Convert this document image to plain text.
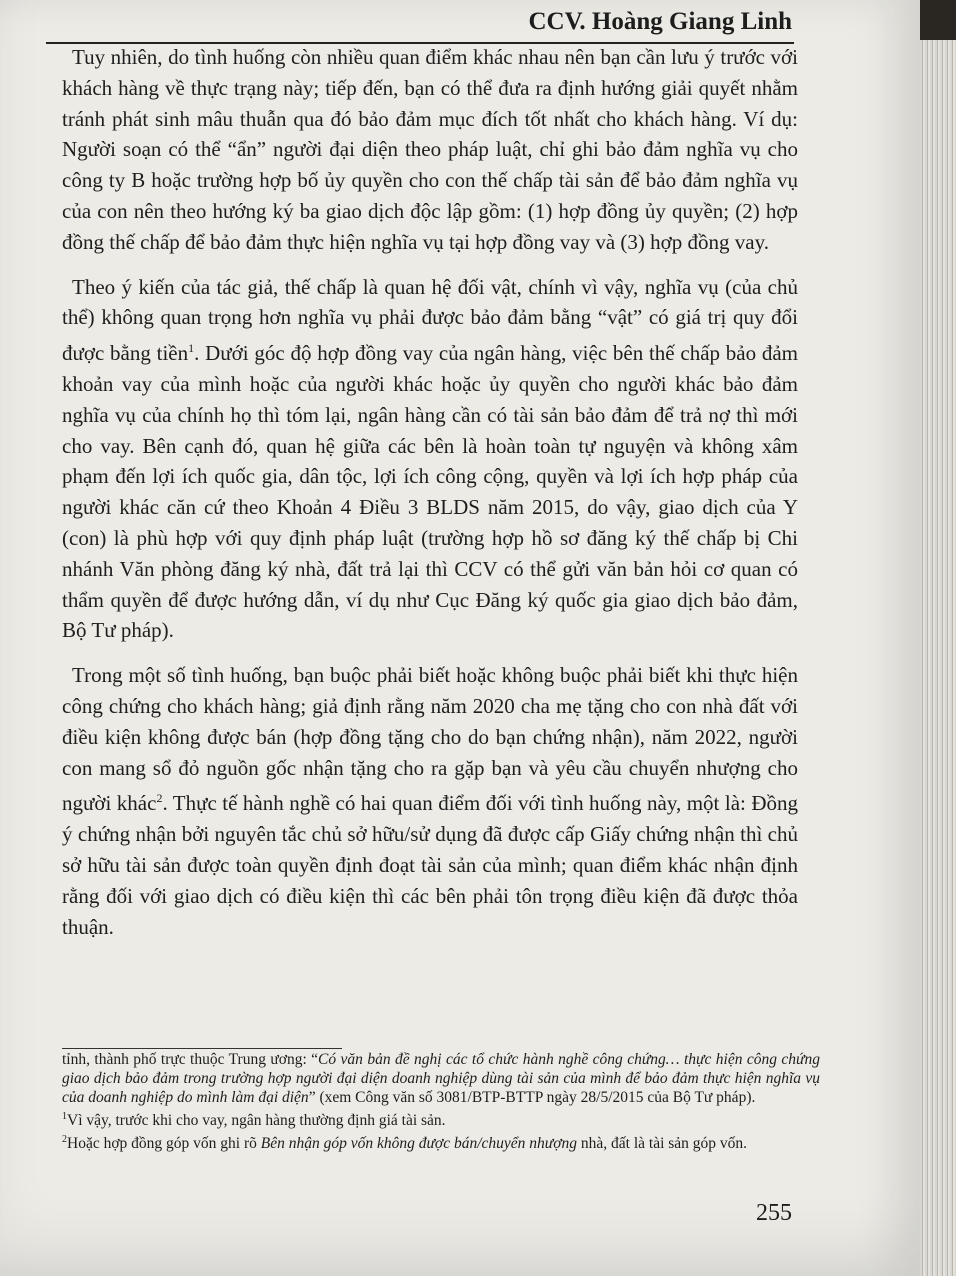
CCV. Hoàng Giang Linh

Tuy nhiên, do tình huống còn nhiều quan điểm khác nhau nên bạn cần lưu ý trước với khách hàng về thực trạng này; tiếp đến, bạn có thể đưa ra định hướng giải quyết nhằm tránh phát sinh mâu thuẫn qua đó bảo đảm mục đích tốt nhất cho khách hàng. Ví dụ: Người soạn có thể “ẩn” người đại diện theo pháp luật, chỉ ghi bảo đảm nghĩa vụ cho công ty B hoặc trường hợp bố ủy quyền cho con thế chấp tài sản để bảo đảm nghĩa vụ của con nên theo hướng ký ba giao dịch độc lập gồm: (1) hợp đồng ủy quyền; (2) hợp đồng thế chấp để bảo đảm thực hiện nghĩa vụ tại hợp đồng vay và (3) hợp đồng vay.

Theo ý kiến của tác giả, thế chấp là quan hệ đối vật, chính vì vậy, nghĩa vụ (của chủ thể) không quan trọng hơn nghĩa vụ phải được bảo đảm bằng “vật” có giá trị quy đổi được bằng tiền$^1$. Dưới góc độ hợp đồng vay của ngân hàng, việc bên thế chấp bảo đảm khoản vay của mình hoặc của người khác hoặc ủy quyền cho người khác bảo đảm nghĩa vụ của chính họ thì tóm lại, ngân hàng cần có tài sản bảo đảm để trả nợ thì mới cho vay. Bên cạnh đó, quan hệ giữa các bên là hoàn toàn tự nguyện và không xâm phạm đến lợi ích quốc gia, dân tộc, lợi ích công cộng, quyền và lợi ích hợp pháp của người khác căn cứ theo Khoản 4 Điều 3 BLDS năm 2015, do vậy, giao dịch của Y (con) là phù hợp với quy định pháp luật (trường hợp hồ sơ đăng ký thế chấp bị Chi nhánh Văn phòng đăng ký nhà, đất trả lại thì CCV có thể gửi văn bản hỏi cơ quan có thẩm quyền để được hướng dẫn, ví dụ như Cục Đăng ký quốc gia giao dịch bảo đảm, Bộ Tư pháp).

Trong một số tình huống, bạn buộc phải biết hoặc không buộc phải biết khi thực hiện công chứng cho khách hàng; giả định rằng năm 2020 cha mẹ tặng cho con nhà đất với điều kiện không được bán (hợp đồng tặng cho do bạn chứng nhận), năm 2022, người con mang sổ đỏ nguồn gốc nhận tặng cho ra gặp bạn và yêu cầu chuyển nhượng cho người khác$^2$. Thực tế hành nghề có hai quan điểm đối với tình huống này, một là: Đồng ý chứng nhận bởi nguyên tắc chủ sở hữu/sử dụng đã được cấp Giấy chứng nhận thì chủ sở hữu tài sản được toàn quyền định đoạt tài sản của mình; quan điểm khác nhận định rằng đối với giao dịch có điều kiện thì các bên phải tôn trọng điều kiện đã được thỏa thuận.

tỉnh, thành phố trực thuộc Trung ương: “Có văn bản đề nghị các tổ chức hành nghề công chứng… thực hiện công chứng giao dịch bảo đảm trong trường hợp người đại diện doanh nghiệp dùng tài sản của mình để bảo đảm thực hiện nghĩa vụ của doanh nghiệp do mình làm đại diện” (xem Công văn số 3081/BTP-BTTP ngày 28/5/2015 của Bộ Tư pháp).

$^1$Vì vậy, trước khi cho vay, ngân hàng thường định giá tài sản.

$^2$Hoặc hợp đồng góp vốn ghi rõ Bên nhận góp vốn không được bán/chuyển nhượng nhà, đất là tài sản góp vốn.

255
